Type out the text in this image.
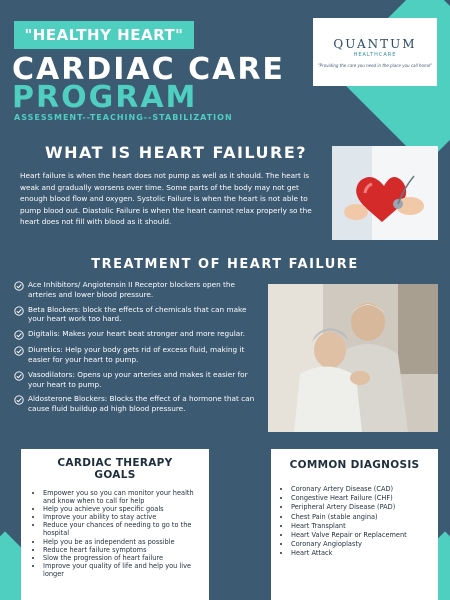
"HEALTHY HEART"	QUANTUM
HEALTHCARE
"Providing the care you need in the place you call home"
CARDIAC CARE
PROGRAM
ASSESSMENT--TEACHING--STABILIZATION
WHAT IS HEART FAILURE?
Heart failure is when the heart does not pump as well as it should. The heart is weak and gradually worsens over time. Some parts of the body may not get enough blood flow and oxygen. Systolic Failure is when the heart is not able to pump blood out. Diastolic Failure is when the heart cannot relax properly so the heart does not fill with blood as it should.
TREATMENT OF HEART FAILURE
Ace Inhibitors/ Angiotensin II Receptor blockers open the arteries and lower blood pressure.
Beta Blockers: block the effects of chemicals that can make your heart work too hard.
Digitalis: Makes your heart beat stronger and more regular.
Diuretics: Help your body gets rid of excess fluid, making it easier for your heart to pump.
Vasodilators: Opens up your arteries and makes it easier for your heart to pump.
Aldosterone Blockers: Blocks the effect of a hormone that can cause fluid buildup ad high blood pressure.
CARDIAC THERAPY
GOALS
• Empower you so you can monitor your health and know when to call for help
• Help you achieve your specific goals
• Improve your ability to stay active
• Reduce your chances of needing to go to the hospital
• Help you be as independent as possible
• Reduce heart failure symptoms
• Slow the progression of heart failure
• Improve your quality of life and help you live longer
COMMON DIAGNOSIS
• Coronary Artery Disease (CAD)
• Congestive Heart Failure (CHF)
• Peripheral Artery Disease (PAD)
• Chest Pain (stable angina)
• Heart Transplant
• Heart Valve Repair or Replacement
• Coronary Angioplasty
• Heart Attack
